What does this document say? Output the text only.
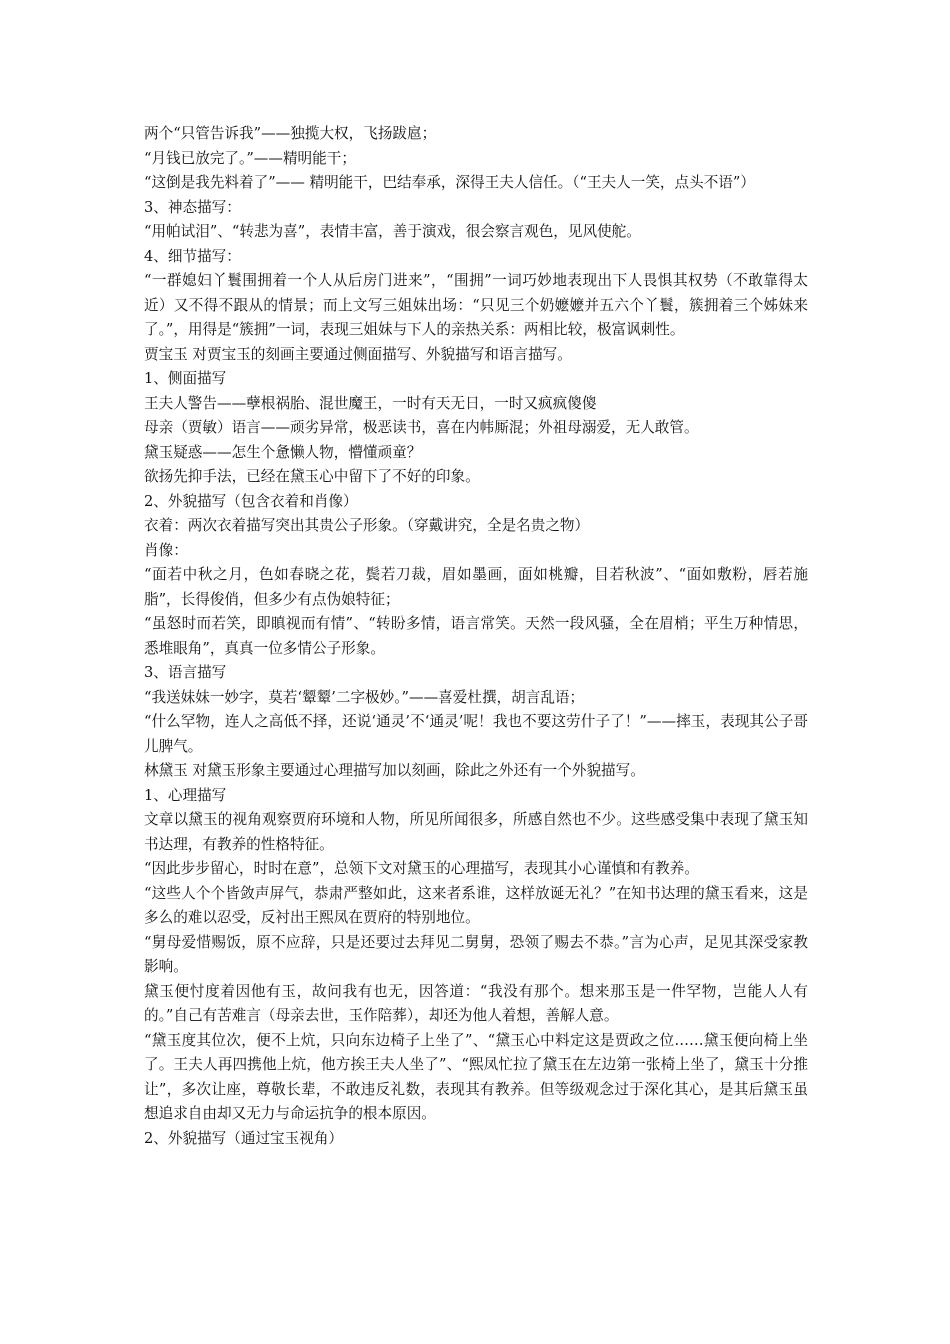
两个“只管告诉我”——独揽大权，飞扬跋扈；

“月钱已放完了。”——精明能干；

“这倒是我先料着了”—— 精明能干，巴结奉承，深得王夫人信任。（“王夫人一笑，点头不语”）

3、神态描写：

“用帕试泪”、“转悲为喜”，表情丰富，善于演戏，很会察言观色，见风使舵。

4、细节描写：

“一群媳妇丫鬟围拥着一个人从后房门进来”，“围拥”一词巧妙地表现出下人畏惧其权势（不敢靠得太近）又不得不跟从的情景；而上文写三姐妹出场：“只见三个奶嬷嬷并五六个丫鬟，簇拥着三个姊妹来了。”，用得是“簇拥”一词，表现三姐妹与下人的亲热关系：两相比较，极富讽刺性。

贾宝玉 对贾宝玉的刻画主要通过侧面描写、外貌描写和语言描写。

1、侧面描写

王夫人警告——孽根祸胎、混世魔王，一时有天无日，一时又疯疯傻傻

母亲（贾敏）语言——顽劣异常，极恶读书，喜在内帏厮混；外祖母溺爱，无人敢管。

黛玉疑惑——怎生个惫懒人物，懵懂顽童？

欲扬先抑手法，已经在黛玉心中留下了不好的印象。

2、外貌描写（包含衣着和肖像）

衣着：两次衣着描写突出其贵公子形象。（穿戴讲究，全是名贵之物）

肖像：

“面若中秋之月，色如春晓之花，鬓若刀裁，眉如墨画，面如桃瓣，目若秋波”、“面如敷粉，唇若施脂”，长得俊俏，但多少有点伪娘特征；

“虽怒时而若笑，即瞋视而有情”、“转盼多情，语言常笑。天然一段风骚，全在眉梢；平生万种情思，悉堆眼角”，真真一位多情公子形象。

3、语言描写

“我送妹妹一妙字，莫若‘颦颦’二字极妙。”——喜爱杜撰，胡言乱语；

“什么罕物，连人之高低不择，还说‘通灵’不‘通灵’呢！我也不要这劳什子了！”——摔玉，表现其公子哥儿脾气。

林黛玉 对黛玉形象主要通过心理描写加以刻画，除此之外还有一个外貌描写。

1、心理描写

文章以黛玉的视角观察贾府环境和人物，所见所闻很多，所感自然也不少。这些感受集中表现了黛玉知书达理，有教养的性格特征。

“因此步步留心，时时在意”，总领下文对黛玉的心理描写，表现其小心谨慎和有教养。

“这些人个个皆敛声屏气，恭肃严整如此，这来者系谁，这样放诞无礼？”在知书达理的黛玉看来，这是多么的难以忍受，反衬出王熙凤在贾府的特别地位。

“舅母爱惜赐饭，原不应辞，只是还要过去拜见二舅舅，恐领了赐去不恭。”言为心声，足见其深受家教影响。

黛玉便忖度着因他有玉，故问我有也无，因答道：“我没有那个。想来那玉是一件罕物，岂能人人有的。”自己有苦难言（母亲去世，玉作陪葬），却还为他人着想，善解人意。

“黛玉度其位次，便不上炕，只向东边椅子上坐了”、“黛玉心中料定这是贾政之位……黛玉便向椅上坐了。王夫人再四携他上炕，他方挨王夫人坐了”、“熙凤忙拉了黛玉在左边第一张椅上坐了，黛玉十分推让”，多次让座，尊敬长辈，不敢违反礼数，表现其有教养。但等级观念过于深化其心，是其后黛玉虽想追求自由却又无力与命运抗争的根本原因。

2、外貌描写（通过宝玉视角）
